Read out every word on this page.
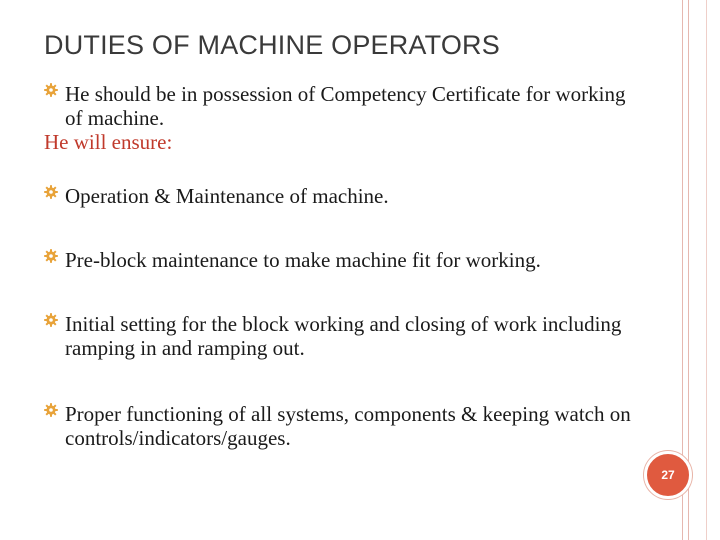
DUTIES OF MACHINE OPERATORS
He should be in possession of Competency Certificate for working of machine.
He will ensure:
Operation & Maintenance of machine.
Pre-block maintenance to make machine fit for working.
Initial setting for the block working and closing of work including ramping in and ramping out.
Proper functioning of all systems, components & keeping watch on controls/indicators/gauges.
27
